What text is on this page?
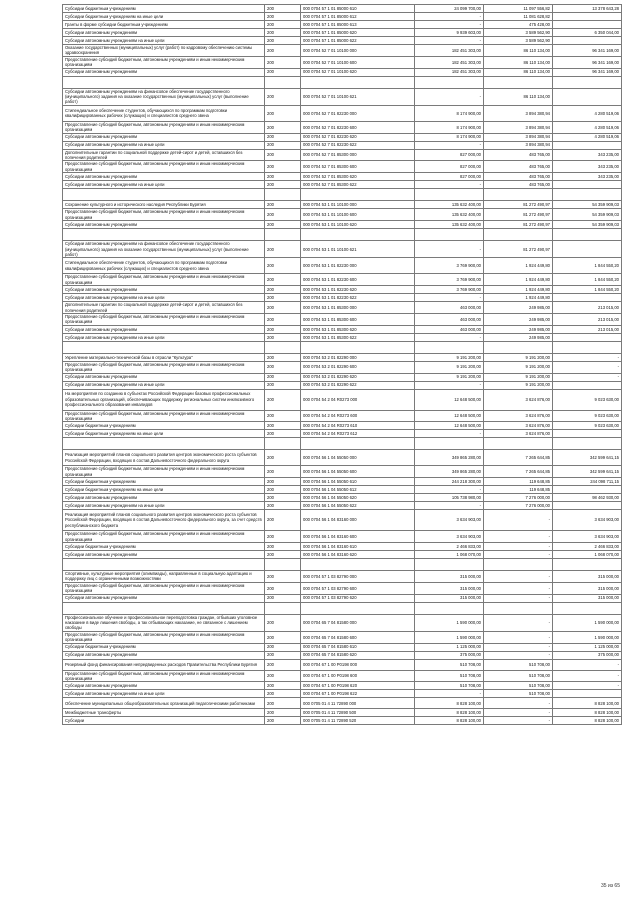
Субсидии бюджетным учреждениям	200	000 0704 57 1 01 85000 610	24 099 700,00	11 097 556,82	13 378 643,28
Субсидии бюджетным учреждениям на иные цели	200	000 0704 57 1 01 85000 612	-	11 081 628,82	
Гранты в форме субсидии бюджетным учреждениям	200	000 0704 57 1 01 85000 613	-	475 428,00	
Субсидии автономным учреждениям	200	000 0704 57 1 01 85000 620	9 939 603,00	3 589 562,90	6 350 044,00
Субсидии автономным учреждениям на иные цели	200	000 0704 57 1 01 85000 622	-	3 589 562,90	
Оказание государственных (муниципальных) услуг (работ) по кадровому обеспечению системы здравоохранения	200	000 0704 52 7 01 10100 000	182 451 303,00	86 110 134,00	96 341 169,00
Предоставление субсидий бюджетным, автономным учреждениям и иным некоммерческим организациям	200	000 0704 52 7 01 10100 600	182 451 303,00	86 110 134,00	96 341 169,00
Субсидии автономным учреждениям	200	000 0704 52 7 01 10100 620	182 451 303,00	86 110 134,00	96 341 169,00

Субсидии автономным учреждениям на финансовое обеспечение государственного (муниципального) задания на оказание государственных (муниципальных) услуг (выполнение работ)	200	000 0704 52 7 01 10100 621	-	86 110 134,00	
Стипендиальное обеспечение студентов, обучающихся по программам подготовки квалифицированных рабочих (служащих) и специалистов среднего звена	200	000 0704 52 7 01 82230 000	8 174 900,00	3 894 380,94	4 280 519,06
Предоставление субсидий бюджетным, автономным учреждениям и иным некоммерческим организациям	200	000 0704 52 7 01 82230 600	8 174 900,00	3 894 380,94	4 280 519,06
Субсидии автономным учреждениям	200	000 0704 52 7 01 82230 620	8 174 900,00	3 894 380,94	4 280 519,06
Субсидии автономным учреждениям на иные цели	200	000 0704 52 7 01 82230 622	-	3 894 380,94	
Дополнительные гарантии по социальной поддержке детей-сирот и детей, оставшихся без попечения родителей	200	000 0704 52 7 01 85300 000	827 000,00	483 765,00	343 235,00
Предоставление субсидий бюджетным, автономным учреждениям и иным некоммерческим организациям	200	000 0704 52 7 01 85300 600	827 000,00	483 765,00	343 235,00
Субсидии автономным учреждениям	200	000 0704 52 7 01 85300 620	827 000,00	483 765,00	343 235,00
Субсидии автономным учреждениям на иные цели	200	000 0704 52 7 01 85300 622	-	483 765,00	

Сохранение культурного и исторического наследия Республики Бурятия	200	000 0704 53 1 01 10100 000	135 632 400,00	81 272 490,97	54 359 909,03
Предоставление субсидий бюджетным, автономным учреждениям и иным некоммерческим организациям	200	000 0704 53 1 01 10100 600	135 632 400,00	81 272 490,97	54 359 909,03
Субсидии автономным учреждениям	200	000 0704 53 1 01 10100 620	135 632 400,00	81 272 490,97	54 359 909,03

Субсидии автономным учреждениям на финансовое обеспечение государственного (муниципального) задания на оказание государственных (муниципальных) услуг (выполнение работ)	200	000 0704 53 1 01 10100 621	-	81 272 490,97	
Стипендиальное обеспечение студентов, обучающихся по программам подготовки квалифицированных рабочих (служащих) и специалистов среднего звена	200	000 0704 53 1 01 82230 000	3 769 900,00	1 924 449,80	1 844 550,20
Предоставление субсидий бюджетным, автономным учреждениям и иным некоммерческим организациям	200	000 0704 53 1 01 82230 600	3 769 900,00	1 924 449,80	1 844 550,20
Субсидии автономным учреждениям	200	000 0704 53 1 01 82230 620	3 769 900,00	1 924 449,80	1 844 550,20
Субсидии автономным учреждениям на иные цели	200	000 0704 53 1 01 82230 622	-	1 924 449,80	
Дополнительные гарантии по социальной поддержке детей-сирот и детей, оставшихся без попечения родителей	200	000 0704 53 1 01 85300 000	463 000,00	249 985,00	213 015,00
Предоставление субсидий бюджетным, автономным учреждениям и иным некоммерческим организациям	200	000 0704 53 1 01 85300 600	463 000,00	249 985,00	213 015,00
Субсидии автономным учреждениям	200	000 0704 53 1 01 85300 620	463 000,00	249 985,00	213 015,00
Субсидии автономным учреждениям на иные цели	200	000 0704 53 1 01 85300 622	-	249 985,00	

Укрепление материально-технической базы в отрасли "Культура"	200	000 0704 53 2 01 82290 000	9 191 200,00	9 191 200,00	-
Предоставление субсидий бюджетным, автономным учреждениям и иным некоммерческим организациям	200	000 0704 53 2 01 82290 600	9 191 200,00	9 191 200,00	-
Субсидии автономным учреждениям	200	000 0704 53 2 01 82290 620	9 191 200,00	9 191 200,00	-
Субсидии автономным учреждениям на иные цели	200	000 0704 53 2 01 82290 622	-	9 191 200,00	
На мероприятия по созданию в субъектах Российской Федерации базовых профессиональных образовательных организаций, обеспечивающих поддержку региональных систем инклюзивного профессионального образования инвалидов	200	000 0704 54 2 04 R0273 000	12 648 500,00	3 624 876,00	9 023 630,00
Предоставление субсидий бюджетным, автономным учреждениям и иным некоммерческим организациям	200	000 0704 54 2 04 R0273 600	12 648 500,00	3 624 876,00	9 023 630,00
Субсидии бюджетным учреждениям	200	000 0704 54 2 04 R0273 610	12 648 500,00	3 624 876,00	9 023 630,00
Субсидии бюджетным учреждениям на иные цели	200	000 0704 54 2 04 R0273 612	-	3 624 876,00	

Реализация мероприятий планов социального развития центров экономического роста субъектов Российской Федерации, входящих в состав Дальневосточного федерального округа	200	000 0704 56 1 04 55050 000	349 865 280,00	7 265 644,85	342 599 641,15
Предоставление субсидий бюджетным, автономным учреждениям и иным некоммерческим организациям	200	000 0704 56 1 04 55050 600	349 865 280,00	7 265 644,85	342 599 641,15
Субсидии бюджетным учреждениям	200	000 0704 56 1 04 55050 610	244 218 300,00	119 648,85	244 098 711,15
Субсидии бюджетным учреждениям на иные цели	200	000 0704 56 1 04 55050 612	-	119 648,85	
Субсидии автономным учреждениям	200	000 0704 56 1 04 55050 620	105 738 980,00	7 276 000,00	98 462 930,00
Субсидии автономным учреждениям на иные цели	200	000 0704 56 1 04 55050 622	-	7 276 000,00	
Реализация мероприятий планов социального развития центров экономического роста субъектов Российской Федерации, входящих в состав Дальневосточного федерального округа, за счет средств республиканского бюджета	200	000 0704 56 1 04 83160 000	3 634 903,00	-	3 634 903,00
Предоставление субсидий бюджетным, автономным учреждениям и иным некоммерческим организациям	200	000 0704 56 1 04 83160 600	3 634 903,00	-	3 634 903,00
Субсидии бюджетным учреждениям	200	000 0704 56 1 04 83160 610	2 466 833,00	-	2 466 833,00
Субсидии автономным учреждениям	200	000 0704 56 1 04 83160 620	1 068 070,00	-	1 068 070,00

Спортивные, культурные мероприятия (олимпиады), направленные в социальную адаптацию и поддержку лиц с ограниченными возможностями	200	000 0704 57 1 03 82790 000	315 000,00	-	315 000,00
Предоставление субсидий бюджетным, автономным учреждениям и иным некоммерческим организациям	200	000 0704 57 1 03 82790 600	315 000,00	-	315 000,00
Субсидии автономным учреждениям	200	000 0704 57 1 03 82790 620	315 000,00	-	315 000,00

Профессиональное обучение и профессиональное переподготовка граждан, отбывших уголовное наказание в виде лишения свободы, а так отбывающих наказание, не связанное с лишением свободы	200	000 0704 65 7 04 81580 000	1 590 000,00	-	1 590 000,00
Предоставление субсидий бюджетным, автономным учреждениям и иным некоммерческим организациям	200	000 0704 65 7 04 81580 600	1 590 000,00	-	1 590 000,00
Субсидии бюджетным учреждениям	200	000 0704 65 7 04 81580 610	1 125 000,00	-	1 125 000,00
Субсидии автономным учреждениям	200	000 0704 65 7 04 81580 620	375 000,00	-	375 000,00
Резервный фонд финансирования непредвиденных расходов Правительства Республики Бурятия	200	000 0704 67 1 00 P0198 000	510 708,00	510 708,00	-
Предоставление субсидий бюджетным, автономным учреждениям и иным некоммерческим организациям	200	000 0704 67 1 00 P0198 600	510 708,00	510 708,00	-
Субсидии автономным учреждениям	200	000 0704 67 1 00 P0198 620	510 708,00	510 708,00	-
Субсидии автономным учреждениям на иные цели	200	000 0704 67 1 00 P0198 622	-	510 708,00	
Обеспечение муниципальных общеобразовательных организаций педагогическими работниками	200	000 0705 01 4 11 72890 000	8 828 100,00	-	8 828 100,00
Межбюджетные трансферты	200	000 0705 01 4 11 72890 500	8 828 100,00	-	8 828 100,00
Субсидии	200	000 0705 01 4 11 72890 520	8 828 100,00	-	8 828 100,00
35 из 65
